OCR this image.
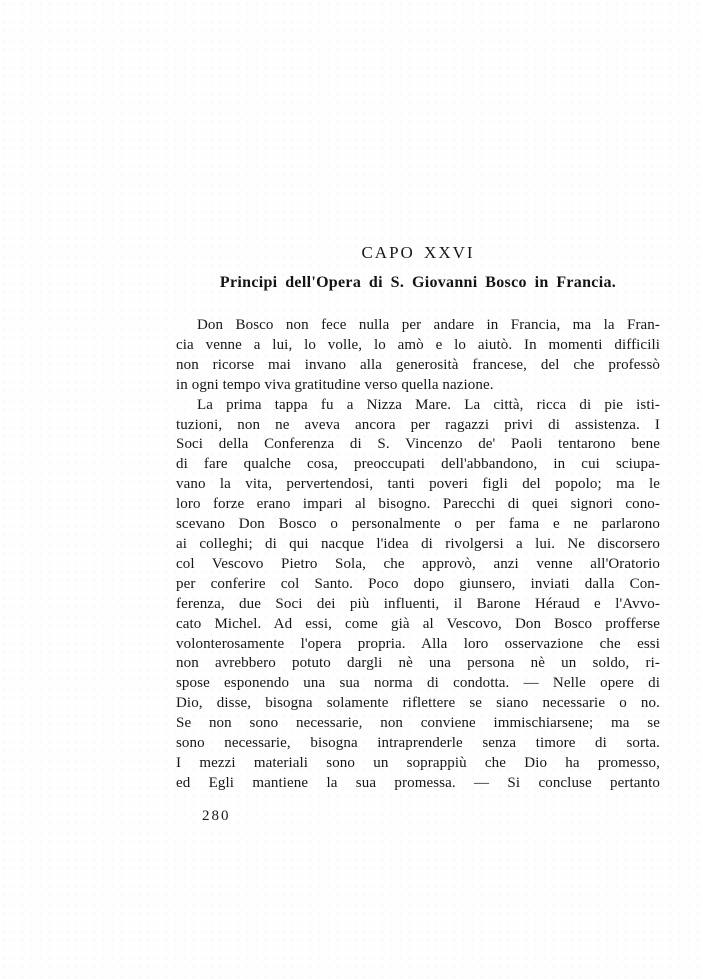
CAPO XXVI
Principi dell'Opera di S. Giovanni Bosco in Francia.
Don Bosco non fece nulla per andare in Francia, ma la Fran-
cia venne a lui, lo volle, lo amò e lo aiutò. In momenti difficili
non ricorse mai invano alla generosità francese, del che professò
in ogni tempo viva gratitudine verso quella nazione.
La prima tappa fu a Nizza Mare. La città, ricca di pie isti-
tuzioni, non ne aveva ancora per ragazzi privi di assistenza. I
Soci della Conferenza di S. Vincenzo de' Paoli tentarono bene
di fare qualche cosa, preoccupati dell'abbandono, in cui sciupa-
vano la vita, pervertendosi, tanti poveri figli del popolo; ma le
loro forze erano impari al bisogno. Parecchi di quei signori cono-
scevano Don Bosco o personalmente o per fama e ne parlarono
ai colleghi; di qui nacque l'idea di rivolgersi a lui. Ne discorsero
col Vescovo Pietro Sola, che approvò, anzi venne all'Oratorio
per conferire col Santo. Poco dopo giunsero, inviati dalla Con-
ferenza, due Soci dei più influenti, il Barone Héraud e l'Avvo-
cato Michel. Ad essi, come già al Vescovo, Don Bosco profferse
volonterosamente l'opera propria. Alla loro osservazione che essi
non avrebbero potuto dargli nè una persona nè un soldo, ri-
spose esponendo una sua norma di condotta. — Nelle opere di
Dio, disse, bisogna solamente riflettere se siano necessarie o no.
Se non sono necessarie, non conviene immischiarsene; ma se
sono necessarie, bisogna intraprenderle senza timore di sorta.
I mezzi materiali sono un soprappiù che Dio ha promesso,
ed Egli mantiene la sua promessa. — Si concluse pertanto
280
